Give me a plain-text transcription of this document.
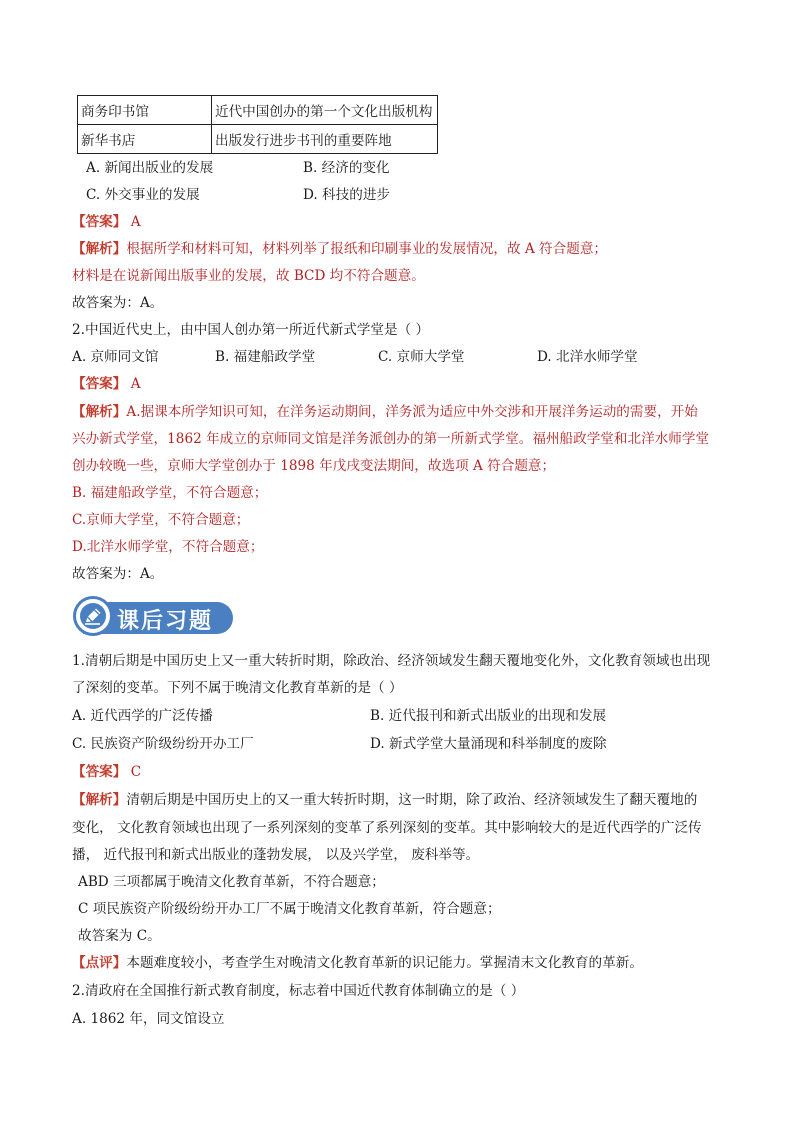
商务印书馆	近代中国创办的第一个文化出版机构
新华书店	出版发行进步书刊的重要阵地
A. 新闻出版业的发展	B. 经济的变化
C. 外交事业的发展	D. 科技的进步
【答案】 A
【解析】根据所学和材料可知，材料列举了报纸和印刷事业的发展情况，故 A 符合题意；
材料是在说新闻出版事业的发展，故 BCD 均不符合题意。
故答案为：A。
2.中国近代史上，由中国人创办第一所近代新式学堂是（ ）
A. 京师同文馆	B. 福建船政学堂	C. 京师大学堂	D. 北洋水师学堂
【答案】 A
【解析】A.据课本所学知识可知，在洋务运动期间，洋务派为适应中外交涉和开展洋务运动的需要，开始
兴办新式学堂，1862 年成立的京师同文馆是洋务派创办的第一所新式学堂。福州船政学堂和北洋水师学堂
创办较晚一些，京师大学堂创办于 1898 年戊戌变法期间，故选项 A 符合题意；
B. 福建船政学堂，不符合题意；
C.京师大学堂，不符合题意；
D.北洋水师学堂，不符合题意；
故答案为：A。
课后习题
1.清朝后期是中国历史上又一重大转折时期，除政治、经济领域发生翻天覆地变化外，文化教育领域也出现
了深刻的变革。下列不属于晚清文化教育革新的是（ ）
A. 近代西学的广泛传播	B. 近代报刊和新式出版业的出现和发展
C. 民族资产阶级纷纷开办工厂	D. 新式学堂大量涌现和科举制度的废除
【答案】 C
【解析】清朝后期是中国历史上的又一重大转折时期，这一时期，除了政治、经济领域发生了翻天覆地的
变化， 文化教育领域也出现了一系列深刻的变革了系列深刻的变革。其中影响较大的是近代西学的广泛传
播， 近代报刊和新式出版业的蓬勃发展， 以及兴学堂， 废科举等。
ABD 三项都属于晚清文化教育革新，不符合题意；
C 项民族资产阶级纷纷开办工厂不属于晚清文化教育革新，符合题意；
故答案为 C。
【点评】本题难度较小，考查学生对晚清文化教育革新的识记能力。掌握清末文化教育的革新。
2.清政府在全国推行新式教育制度，标志着中国近代教育体制确立的是（ ）
A. 1862 年，同文馆设立
